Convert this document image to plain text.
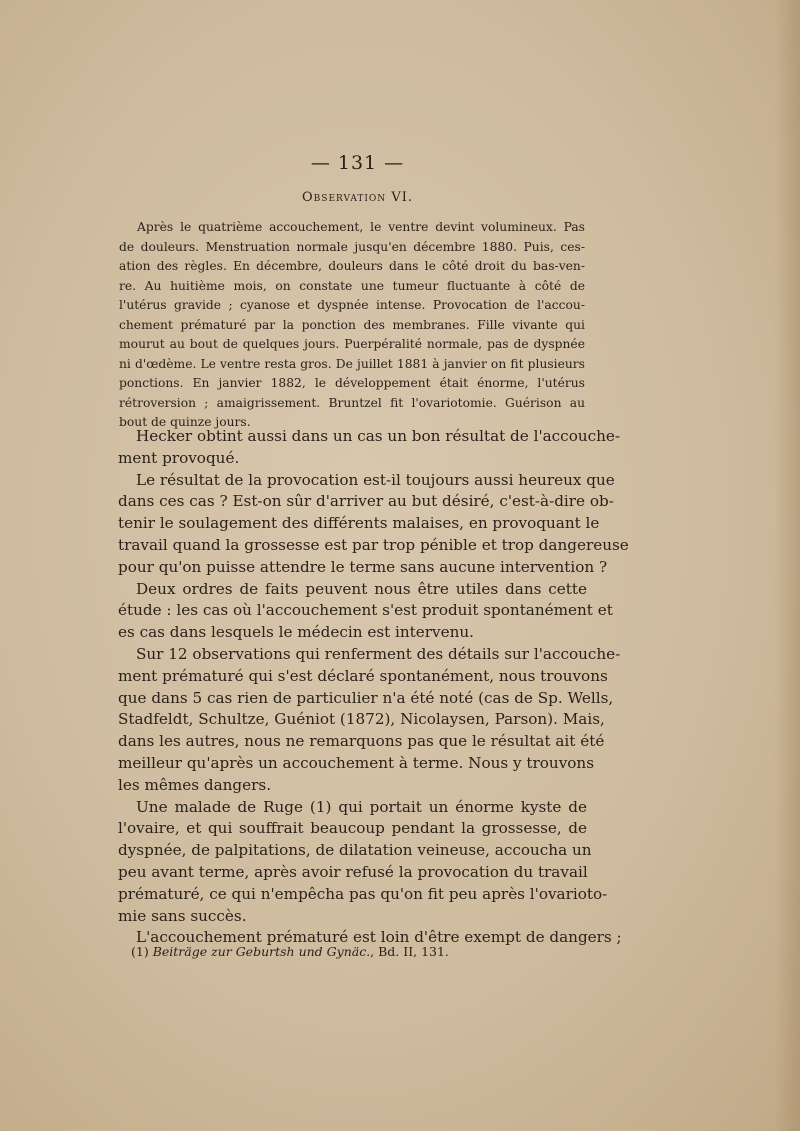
— 131 —
Observation VI.
Après le quatrième accouchement, le ventre devint volumineux. Pas
de douleurs. Menstruation normale jusqu'en décembre 1880. Puis, ces-
ation des règles. En décembre, douleurs dans le côté droit du bas-ven-
re. Au huitième mois, on constate une tumeur fluctuante à côté de
l'utérus gravide ; cyanose et dyspnée intense. Provocation de l'accou-
chement prématuré par la ponction des membranes. Fille vivante qui
mourut au bout de quelques jours. Puerpéralité normale, pas de dyspnée
ni d'œdème. Le ventre resta gros. De juillet 1881 à janvier on fit plusieurs
ponctions. En janvier 1882, le développement était énorme, l'utérus
rétroversion ; amaigrissement. Bruntzel fit l'ovariotomie. Guérison au
bout de quinze jours.
Hecker obtint aussi dans un cas un bon résultat de l'accouche-
ment provoqué.
Le résultat de la provocation est-il toujours aussi heureux que
dans ces cas ? Est-on sûr d'arriver au but désiré, c'est-à-dire ob-
tenir le soulagement des différents malaises, en provoquant le
travail quand la grossesse est par trop pénible et trop dangereuse
pour qu'on puisse attendre le terme sans aucune intervention ?
Deux ordres de faits peuvent nous être utiles dans cette
étude : les cas où l'accouchement s'est produit spontanément et
es cas dans lesquels le médecin est intervenu.
Sur 12 observations qui renferment des détails sur l'accouche-
ment prématuré qui s'est déclaré spontanément, nous trouvons
que dans 5 cas rien de particulier n'a été noté (cas de Sp. Wells,
Stadfeldt, Schultze, Guéniot (1872), Nicolaysen, Parson). Mais,
dans les autres, nous ne remarquons pas que le résultat ait été
meilleur qu'après un accouchement à terme. Nous y trouvons
les mêmes dangers.
Une malade de Ruge (1) qui portait un énorme kyste de
l'ovaire, et qui souffrait beaucoup pendant la grossesse, de
dyspnée, de palpitations, de dilatation veineuse, accoucha un
peu avant terme, après avoir refusé la provocation du travail
prématuré, ce qui n'empêcha pas qu'on fit peu après l'ovarioto-
mie sans succès.
L'accouchement prématuré est loin d'être exempt de dangers ;
(1) Beiträge zur Geburtsh und Gynäc., Bd. II, 131.
